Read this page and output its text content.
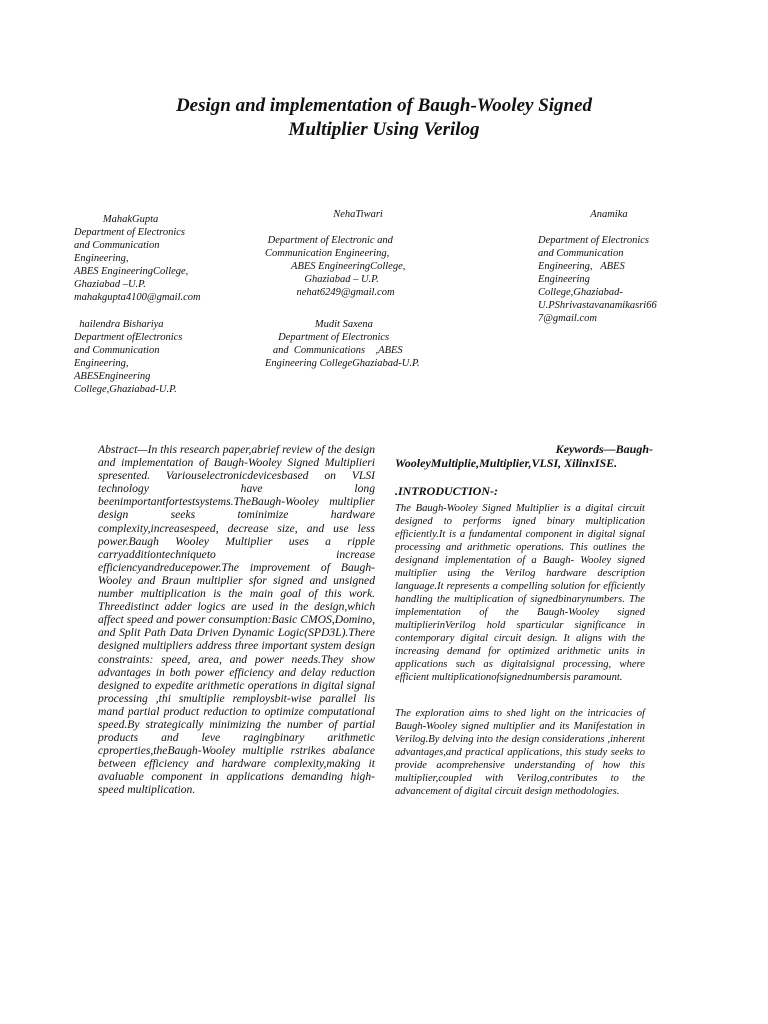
Design and implementation of Baugh-Wooley Signed
Multiplier Using Verilog
MahakGupta
Department of Electronics
and Communication
Engineering,
ABES EngineeringCollege,
Ghaziabad –U.P.
mahakgupta4100@gmail.com
NehaTiwari

Department of Electronic and
Communication Engineering,
ABES EngineeringCollege,
Ghaziabad – U.P.
nehat6249@gmail.com
Anamika

Department of Electronics
and Communication
Engineering,   ABES
Engineering
College,Ghaziabad-
U.PShrivastavanamikasri66
7@gmail.com
hailendra Bishariya
Department ofElectronics
and Communication
Engineering,
ABESEngineering
College,Ghaziabad-U.P.
Mudit Saxena
Department of Electronics
and  Communications    ,ABES
Engineering CollegeGhaziabad-U.P.

Abstract—In this research paper,abrief review of the design and implementation of Baugh-Wooley Signed Multiplieri spresented. Variouselectronicdevicesbased on VLSI technology have long beenimportantfortestsystems.TheBaugh-Wooley multiplier design seeks tominimize hardware complexity,increasespeed, decrease size, and use less power.Baugh Wooley Multiplier uses a ripple carryadditiontechniqueto increase efficiencyandreducepower.The improvement of Baugh-Wooley and Braun multiplier sfor signed and unsigned number multiplication is the main goal of this work. Threedistinct adder logics are used in the design,which affect speed and power consumption:Basic CMOS,Domino, and Split Path Data Driven Dynamic Logic(SPD3L).There designed multipliers address three important system design constraints: speed, area, and power needs.They show advantages in both power efficiency and delay reduction designed to expedite arithmetic operations in digital signal processing ,thi smultiplie remploysbit-wise parallel lis mand partial product reduction to optimize computational speed.By strategically minimizing the number of partial products and leve ragingbinary arithmetic cproperties,theBaugh-Wooley multiplie rstrikes abalance between efficiency and hardware complexity,making it avaluable component in applications demanding high-speed multiplication.

Keywords—Baugh-
WooleyMultiplie,Multiplier,VLSI, XilinxISE.

.INTRODUCTION-:

The Baugh-Wooley Signed Multiplier is a digital circuit designed to performs igned binary multiplication efficiently.It is a fundamental component in digital signal processing and arithmetic operations. This outlines the designand implementation of a Baugh- Wooley signed multiplier using the Verilog hardware description language.It represents a compelling solution for efficiently handling the multiplication of signedbinarynumbers. The implementation of the Baugh-Wooley signed multiplierinVerilog hold sparticular significance in contemporary digital circuit design. It aligns with the increasing demand for optimized arithmetic units in applications such as digitalsignal processing, where efficient multiplicationofsignednumbersis paramount.

The exploration aims to shed light on the intricacies of Baugh-Wooley signed multiplier and its Manifestation in Verilog.By delving into the design considerations ,inherent advantages,and practical applications, this study seeks to provide acomprehensive understanding of how this multiplier,coupled with Verilog,contributes to the advancement of digital circuit design methodologies.
